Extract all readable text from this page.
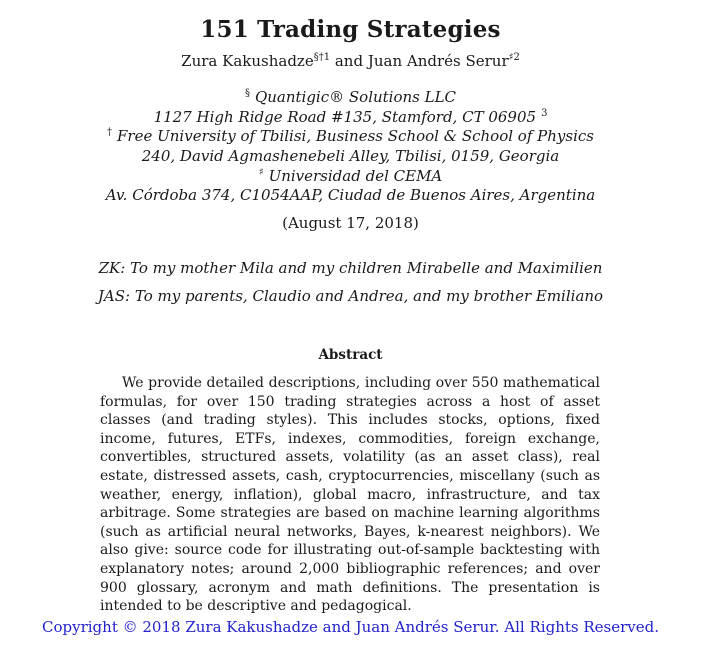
151 Trading Strategies
Zura Kakushadze$^{\S\dagger 1}$ and Juan Andrés Serur$^{♯2}$
§ Quantigic® Solutions LLC
1127 High Ridge Road #135, Stamford, CT 06905 $^3$
† Free University of Tbilisi, Business School & School of Physics
240, David Agmashenebeli Alley, Tbilisi, 0159, Georgia
♯ Universidad del CEMA
Av. Córdoba 374, C1054AAP, Ciudad de Buenos Aires, Argentina
(August 17, 2018)
ZK: To my mother Mila and my children Mirabelle and Maximilien
JAS: To my parents, Claudio and Andrea, and my brother Emiliano
Abstract
We provide detailed descriptions, including over 550 mathematical formulas, for over 150 trading strategies across a host of asset classes (and trading styles). This includes stocks, options, fixed income, futures, ETFs, indexes, commodities, foreign exchange, convertibles, structured assets, volatility (as an asset class), real estate, distressed assets, cash, cryptocurrencies, miscellany (such as weather, energy, inflation), global macro, infrastructure, and tax arbitrage. Some strategies are based on machine learning algorithms (such as artificial neural networks, Bayes, k-nearest neighbors). We also give: source code for illustrating out-of-sample backtesting with explanatory notes; around 2,000 bibliographic references; and over 900 glossary, acronym and math definitions. The presentation is intended to be descriptive and pedagogical.
Copyright © 2018 Zura Kakushadze and Juan Andrés Serur. All Rights Reserved.
